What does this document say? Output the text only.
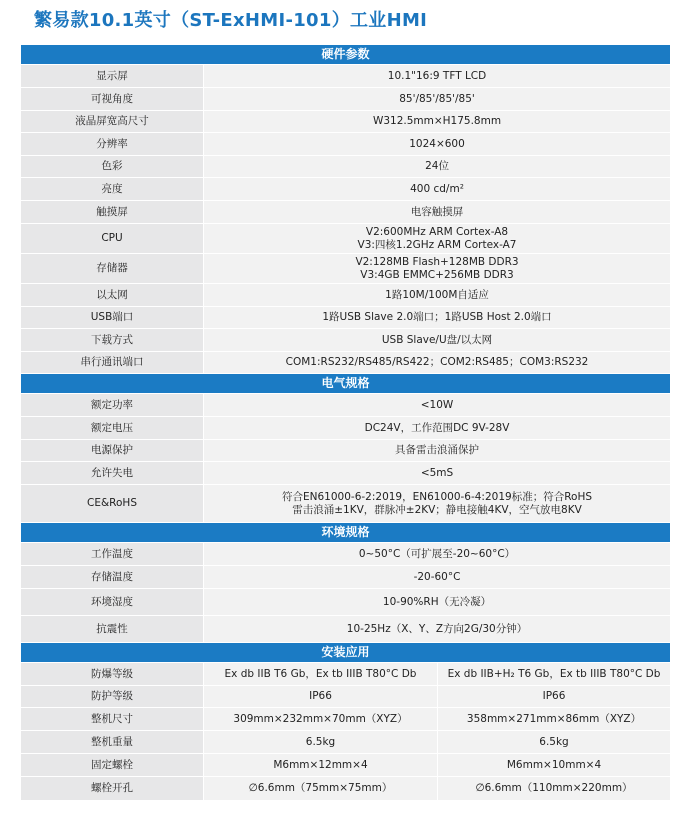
繁易款10.1英寸（ST-ExHMI-101）工业HMI
硬件参数		
显示屏	10.1"16:9 TFT LCD	
可视角度	85'/85'/85'/85'	
液晶屏宽高尺寸	W312.5mm×H175.8mm	
分辨率	1024×600	
色彩	24位	
亮度	400 cd/m²	
触摸屏	电容触摸屏	
CPU	V2:600MHz ARM Cortex-A8
V3:四核1.2GHz ARM Cortex-A7	

存储器	V2:128MB Flash+128MB DDR3
V3:4GB EMMC+256MB DDR3	

以太网	1路10M/100M自适应	
USB端口	1路USB Slave 2.0端口；1路USB Host 2.0端口	
下载方式	USB Slave/U盘/以太网	
串行通讯端口	COM1:RS232/RS485/RS422；COM2:RS485；COM3:RS232	
电气规格		
额定功率	<10W	
额定电压	DC24V，工作范围DC 9V-28V	
电源保护	具备雷击浪涌保护	
允许失电	<5mS	
CE&RoHS	符合EN61000-6-2:2019，EN61000-6-4:2019标准；符合RoHS
雷击浪涌±1KV，群脉冲±2KV；静电接触4KV，空气放电8KV	

环境规格		
工作温度	0~50°C（可扩展至-20~60°C）	
存储温度	-20-60°C	
环境湿度	10-90%RH（无冷凝）	
抗震性	10-25Hz（X、Y、Z方向2G/30分钟）	
安装应用		
防爆等级	Ex db IIB T6 Gb，Ex tb IIIB T80°C Db	Ex db IIB+H₂ T6 Gb，Ex tb IIIB T80°C Db
防护等级	IP66	IP66
整机尺寸	309mm×232mm×70mm（XYZ）	358mm×271mm×86mm（XYZ）
整机重量	6.5kg	6.5kg
固定螺栓	M6mm×12mm×4	M6mm×10mm×4
螺栓开孔	∅6.6mm（75mm×75mm）	∅6.6mm（110mm×220mm）
